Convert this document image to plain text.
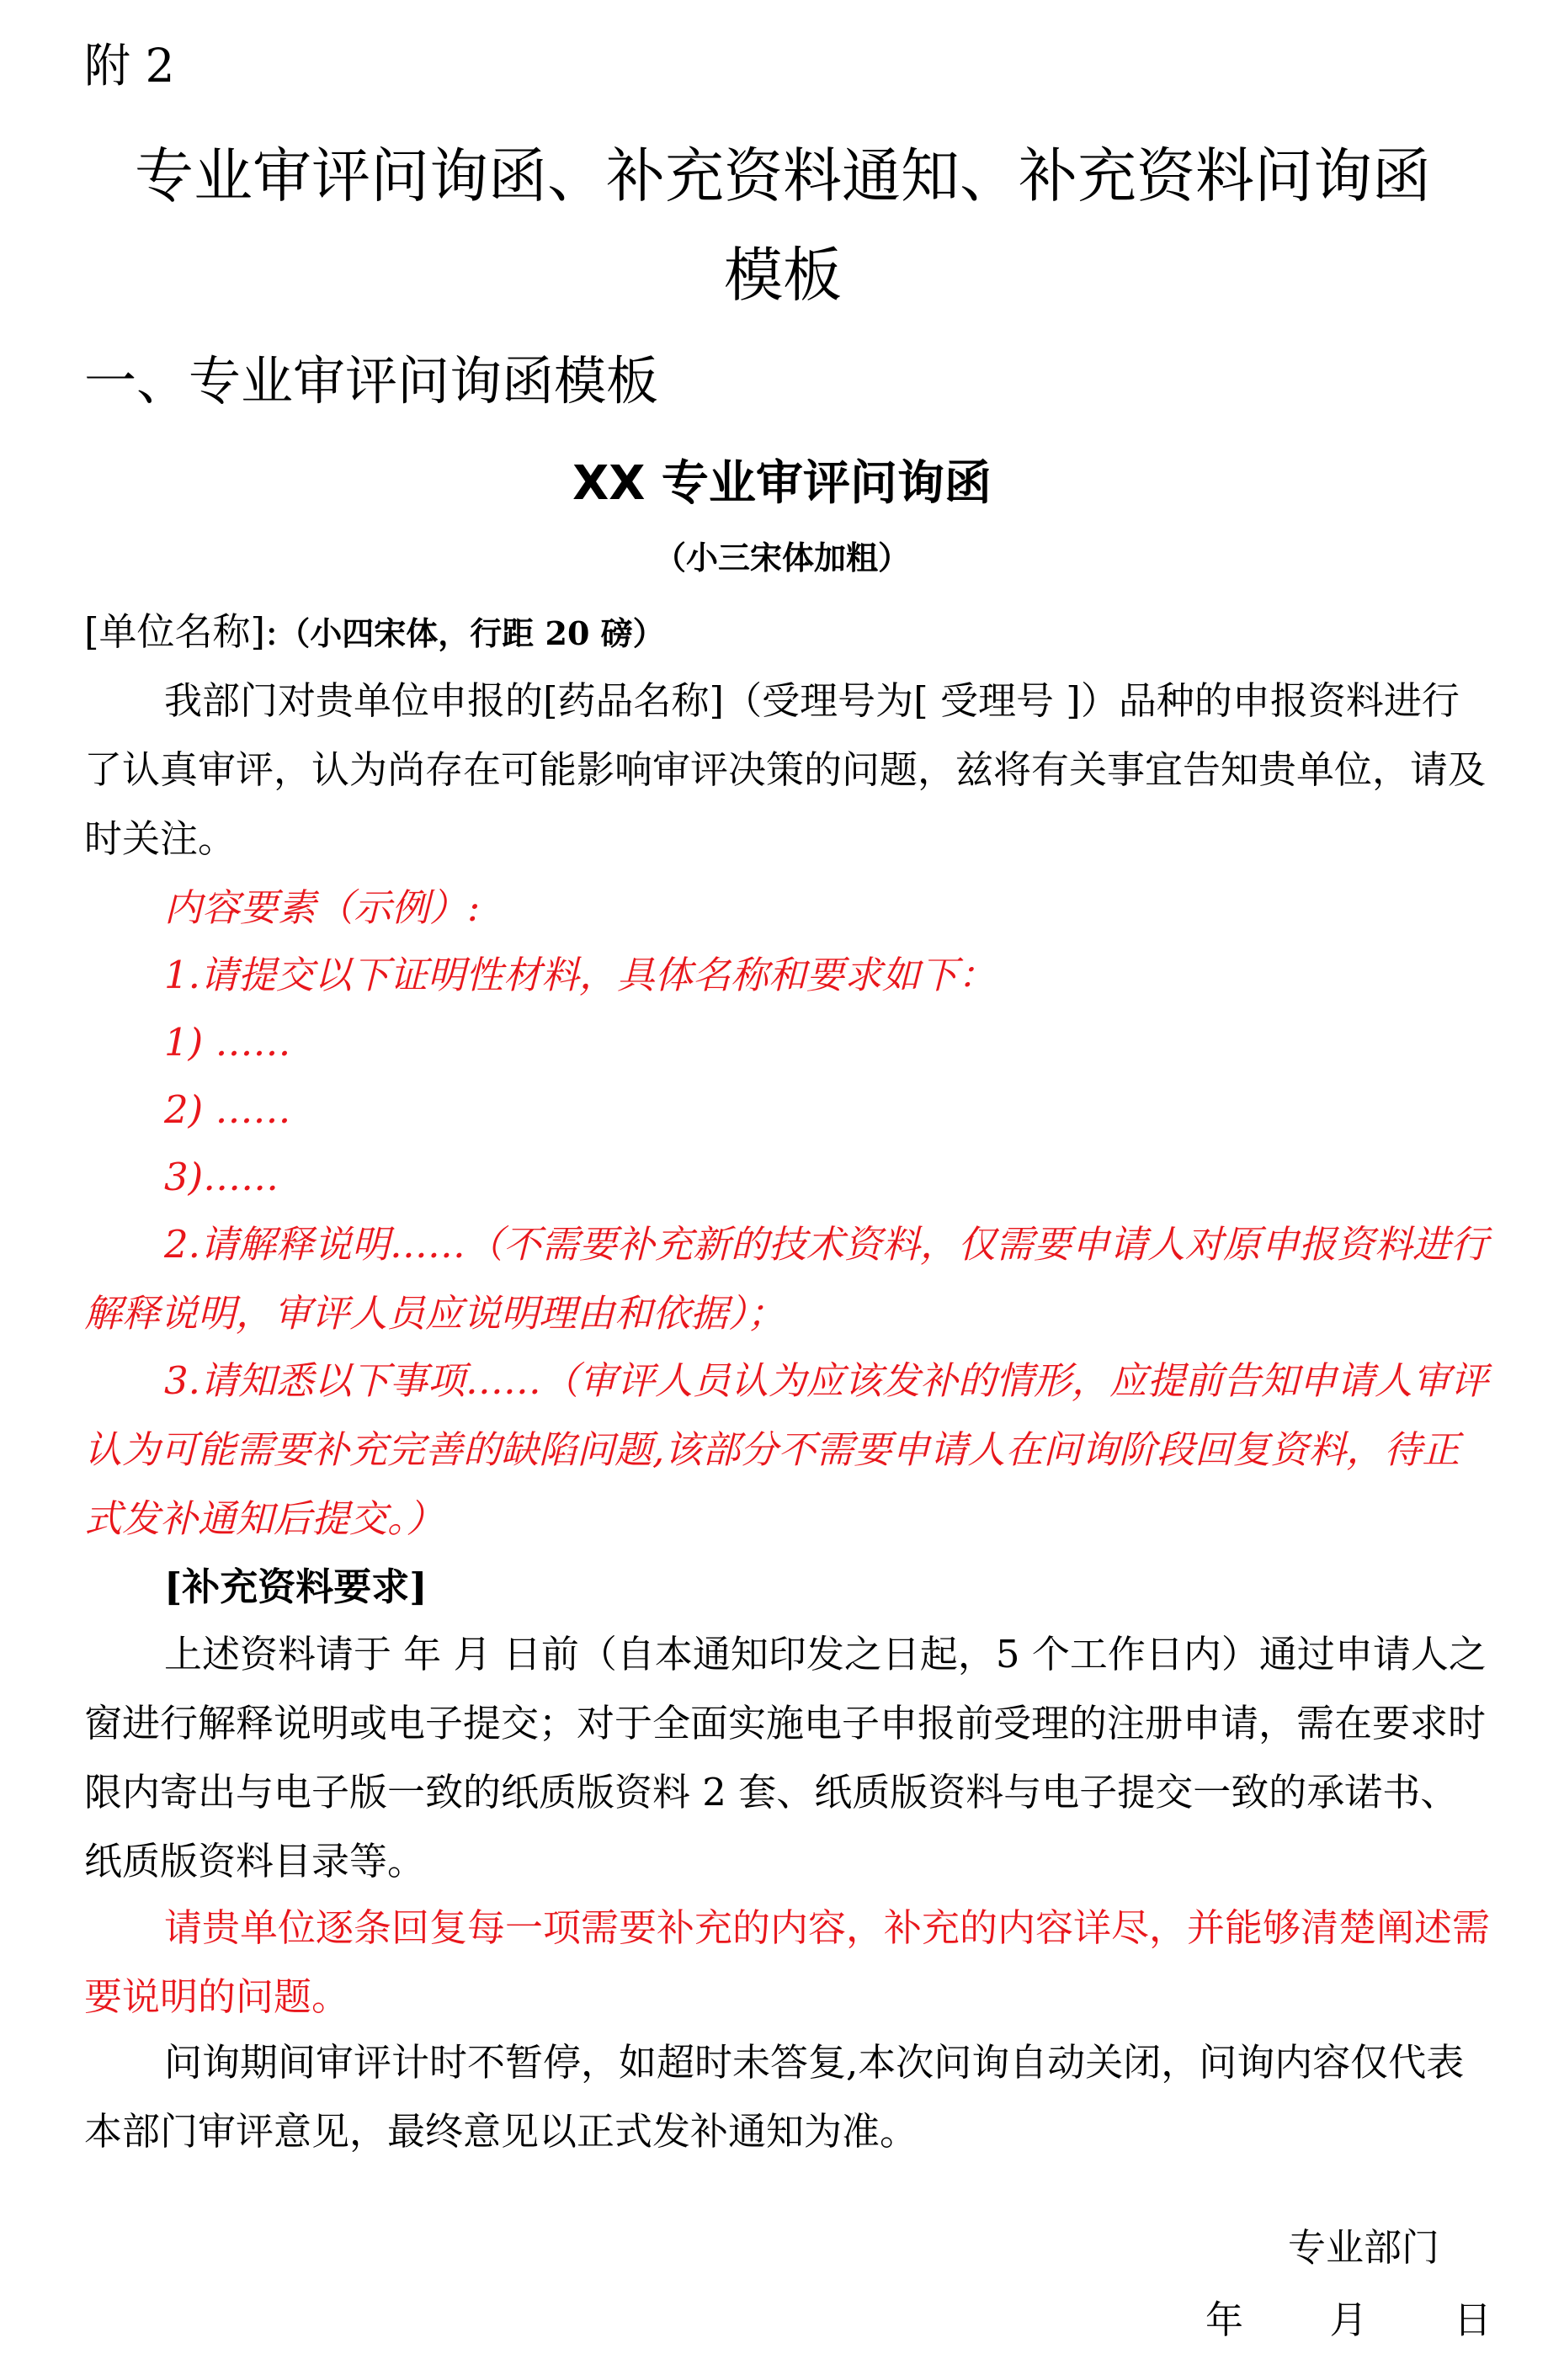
附 2

专业审评问询函、补充资料通知、补充资料问询函
模板

一、专业审评问询函模板

XX 专业审评问询函

（小三宋体加粗）

[单位名称]:（小四宋体，行距 20 磅）

我部门对贵单位申报的[药品名称]（受理号为[ 受理号 ]）品种的申报资料进行了认真审评，认为尚存在可能影响审评决策的问题，兹将有关事宜告知贵单位，请及时关注。

内容要素（示例）:

1.请提交以下证明性材料，具体名称和要求如下：

1) ……

2) ……

3)……

2.请解释说明……（不需要补充新的技术资料，仅需要申请人对原申报资料进行解释说明，审评人员应说明理由和依据）；

3.请知悉以下事项……（审评人员认为应该发补的情形，应提前告知申请人审评认为可能需要补充完善的缺陷问题,该部分不需要申请人在问询阶段回复资料，待正式发补通知后提交。）

[补充资料要求]

上述资料请于 年 月 日前（自本通知印发之日起，5 个工作日内）通过申请人之窗进行解释说明或电子提交；对于全面实施电子申报前受理的注册申请，需在要求时限内寄出与电子版一致的纸质版资料 2 套、纸质版资料与电子提交一致的承诺书、纸质版资料目录等。

请贵单位逐条回复每一项需要补充的内容，补充的内容详尽，并能够清楚阐述需要说明的问题。

问询期间审评计时不暂停，如超时未答复,本次问询自动关闭，问询内容仅代表本部门审评意见，最终意见以正式发补通知为准。

专业部门

年 月 日
